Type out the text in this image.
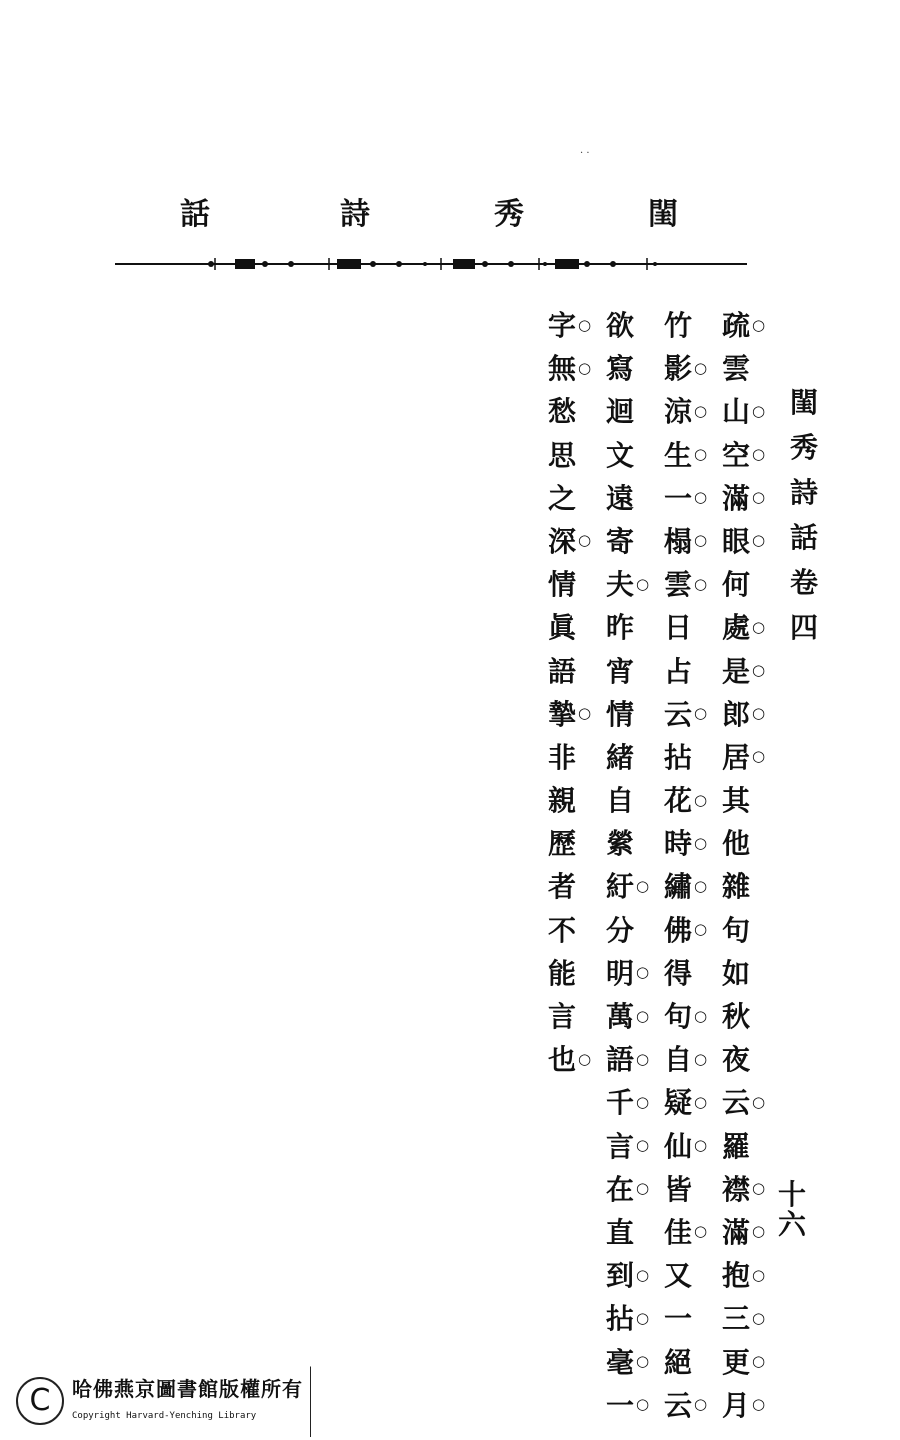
· ·
話	詩	秀	閨
閨
秀
詩
話
卷
四
十
六
疏 ○
雲
山 ○
空 ○
滿 ○
眼 ○
何
處 ○
是 ○
郎 ○
居 ○
其
他
雜
句
如
秋
夜
云 ○
羅
襟 ○
滿 ○
抱 ○
三 ○
更 ○
月 ○
竹
影 ○
涼 ○
生 ○
一 ○
榻 ○
雲 ○
日
占
云 ○
拈
花 ○
時 ○
繡 ○
佛 ○
得
句 ○
自 ○
疑 ○
仙 ○
皆
佳 ○
又
一
絕
云 ○
欲
寫
迴
文
遠
寄
夫 ○
昨
宵
情
緒
自
縈
紆 ○
分
明 ○
萬 ○
語 ○
千 ○
言 ○
在 ○
直
到 ○
拈 ○
毫 ○
一 ○
字 ○
無 ○
愁
思
之
深 ○
情
眞
語
摯 ○
非
親
歷
者
不
能
言
也 ○
C	哈佛燕京圖書館版權所有
Copyright Harvard-Yenching Library
